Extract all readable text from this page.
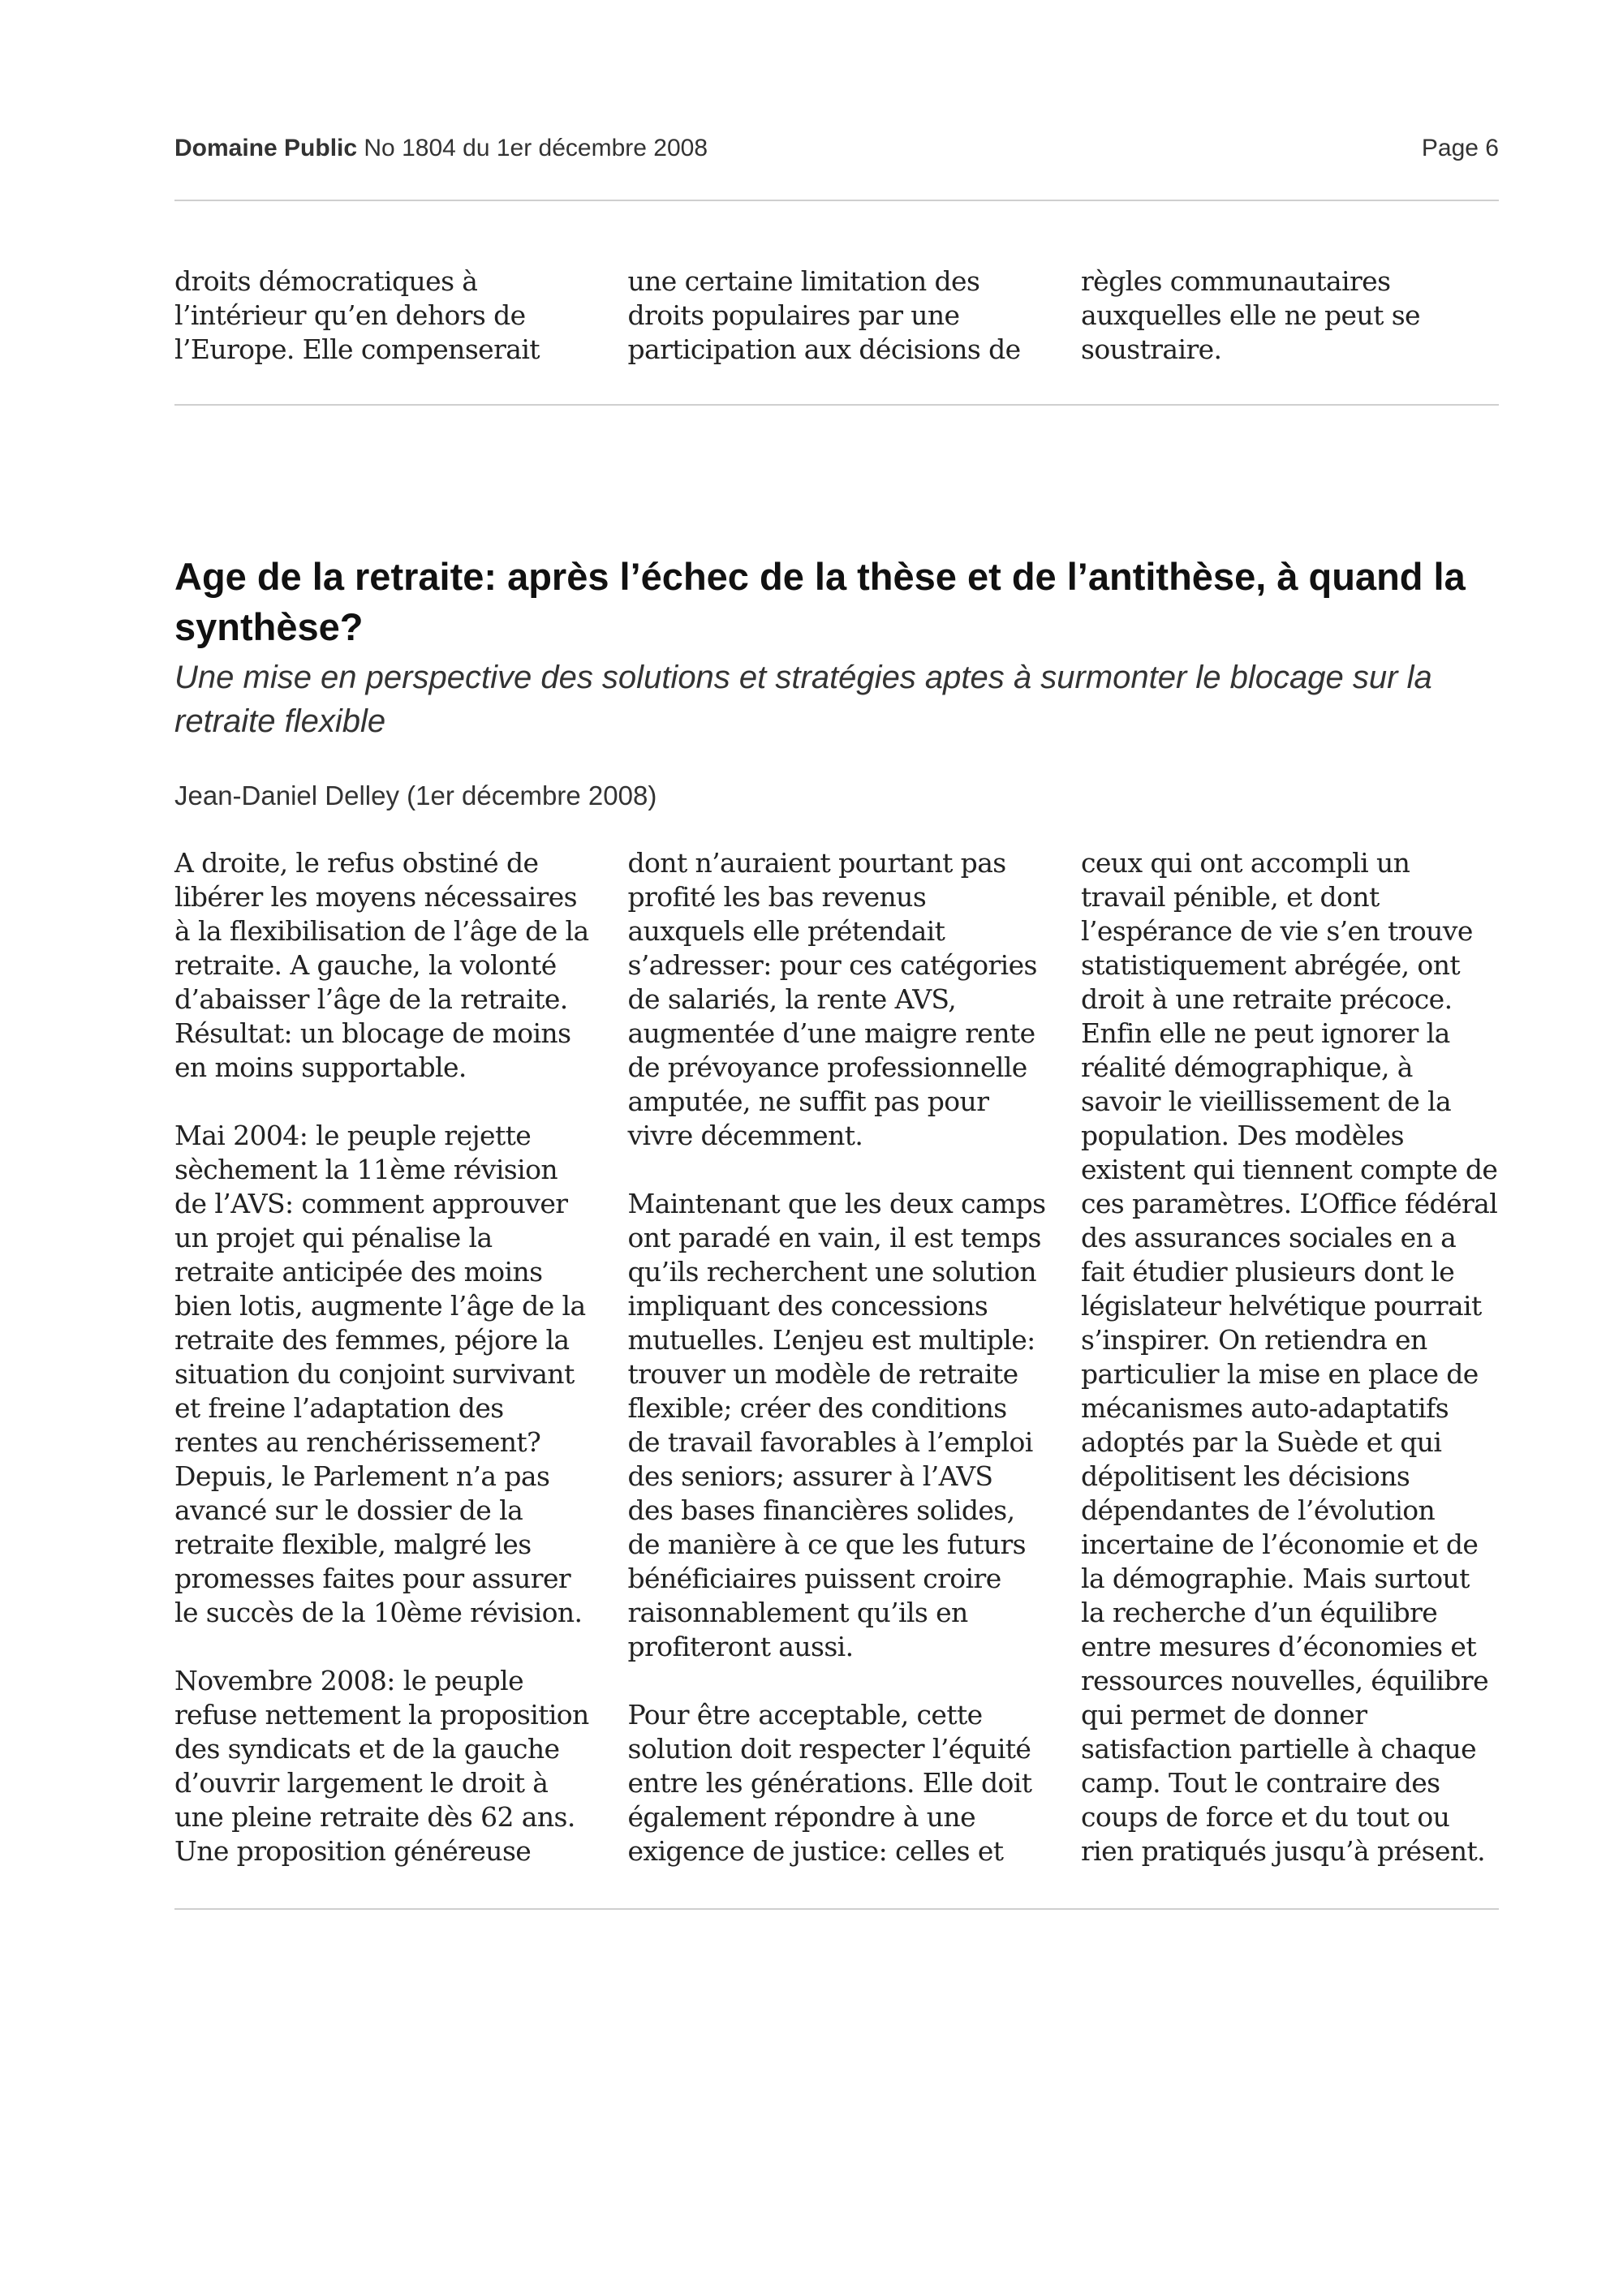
Domaine Public No 1804 du 1er décembre 2008	Page 6

droits démocratiques à l’intérieur qu’en dehors de l’Europe. Elle compenserait

une certaine limitation des droits populaires par une participation aux décisions de

règles communautaires auxquelles elle ne peut se soustraire.

Age de la retraite: après l’échec de la thèse et de l’antithèse, à quand la synthèse?
Une mise en perspective des solutions et stratégies aptes à surmonter le blocage sur la retraite flexible
Jean-Daniel Delley (1er décembre 2008)

A droite, le refus obstiné de libérer les moyens nécessaires à la flexibilisation de l’âge de la retraite. A gauche, la volonté d’abaisser l’âge de la retraite. Résultat: un blocage de moins en moins supportable.

Mai 2004: le peuple rejette sèchement la 11ème révision de l’AVS: comment approuver un projet qui pénalise la retraite anticipée des moins bien lotis, augmente l’âge de la retraite des femmes, péjore la situation du conjoint survivant et freine l’adaptation des rentes au renchérissement? Depuis, le Parlement n’a pas avancé sur le dossier de la retraite flexible, malgré les promesses faites pour assurer le succès de la 10ème révision.

Novembre 2008: le peuple refuse nettement la proposition des syndicats et de la gauche d’ouvrir largement le droit à une pleine retraite dès 62 ans. Une proposition généreuse

dont n’auraient pourtant pas profité les bas revenus auxquels elle prétendait s’adresser: pour ces catégories de salariés, la rente AVS, augmentée d’une maigre rente de prévoyance professionnelle amputée, ne suffit pas pour vivre décemment.

Maintenant que les deux camps ont paradé en vain, il est temps qu’ils recherchent une solution impliquant des concessions mutuelles. L’enjeu est multiple: trouver un modèle de retraite flexible; créer des conditions de travail favorables à l’emploi des seniors; assurer à l’AVS des bases financières solides, de manière à ce que les futurs bénéficiaires puissent croire raisonnablement qu’ils en profiteront aussi.

Pour être acceptable, cette solution doit respecter l’équité entre les générations. Elle doit également répondre à une exigence de justice: celles et

ceux qui ont accompli un travail pénible, et dont l’espérance de vie s’en trouve statistiquement abrégée, ont droit à une retraite précoce. Enfin elle ne peut ignorer la réalité démographique, à savoir le vieillissement de la population. Des modèles existent qui tiennent compte de ces paramètres. L’Office fédéral des assurances sociales en a fait étudier plusieurs dont le législateur helvétique pourrait s’inspirer. On retiendra en particulier la mise en place de mécanismes auto-adaptatifs adoptés par la Suède et qui dépolitisent les décisions dépendantes de l’évolution incertaine de l’économie et de la démographie. Mais surtout la recherche d’un équilibre entre mesures d’économies et ressources nouvelles, équilibre qui permet de donner satisfaction partielle à chaque camp. Tout le contraire des coups de force et du tout ou rien pratiqués jusqu’à présent.
